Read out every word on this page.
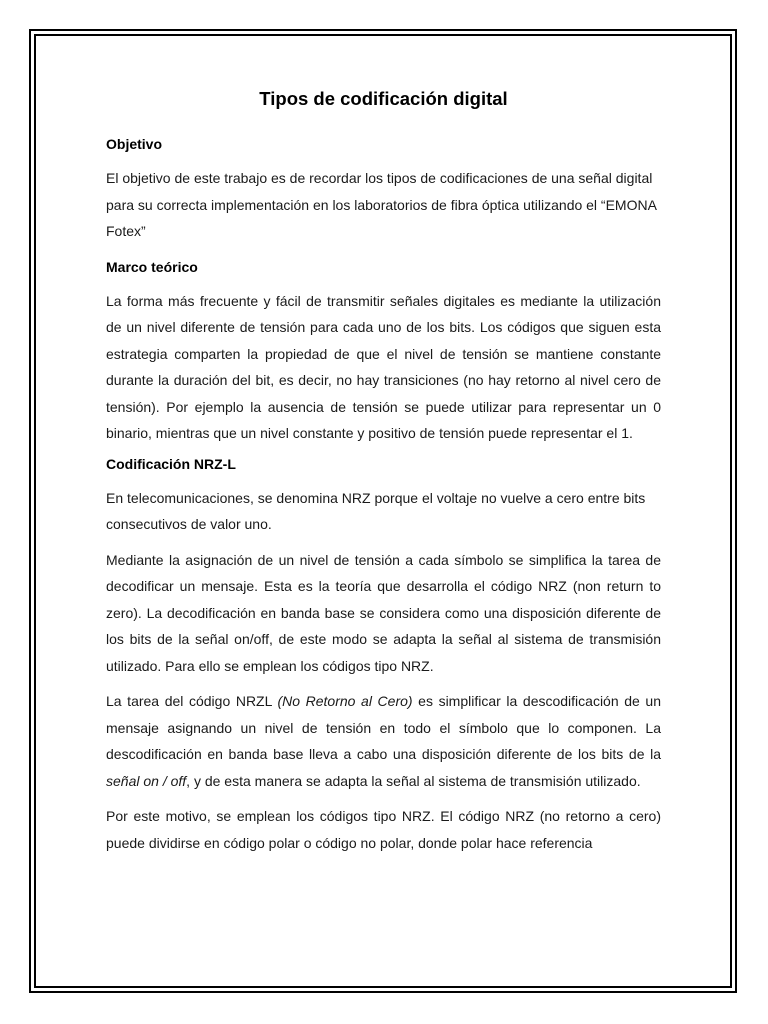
Tipos de codificación digital
Objetivo

El objetivo de este trabajo es de recordar los tipos de codificaciones de una señal digital para su correcta implementación en los laboratorios de fibra óptica utilizando el “EMONA Fotex”

Marco teórico

La forma más frecuente y fácil de transmitir señales digitales es mediante la utilización de un nivel diferente de tensión para cada uno de los bits. Los códigos que siguen esta estrategia comparten la propiedad de que el nivel de tensión se mantiene constante durante la duración del bit, es decir, no hay transiciones (no hay retorno al nivel cero de tensión). Por ejemplo la ausencia de tensión se puede utilizar para representar un 0 binario, mientras que un nivel constante y positivo de tensión puede representar el 1.

Codificación NRZ-L

En telecomunicaciones, se denomina NRZ porque el voltaje no vuelve a cero entre bits consecutivos de valor uno.

Mediante la asignación de un nivel de tensión a cada símbolo se simplifica la tarea de decodificar un mensaje. Esta es la teoría que desarrolla el código NRZ (non return to zero). La decodificación en banda base se considera como una disposición diferente de los bits de la señal on/off, de este modo se adapta la señal al sistema de transmisión utilizado. Para ello se emplean los códigos tipo NRZ.

La tarea del código NRZL (No Retorno al Cero) es simplificar la descodificación de un mensaje asignando un nivel de tensión en todo el símbolo que lo componen. La descodificación en banda base lleva a cabo una disposición diferente de los bits de la señal on / off, y de esta manera se adapta la señal al sistema de transmisión utilizado.

Por este motivo, se emplean los códigos tipo NRZ. El código NRZ (no retorno a cero) puede dividirse en código polar o código no polar, donde polar hace referencia
